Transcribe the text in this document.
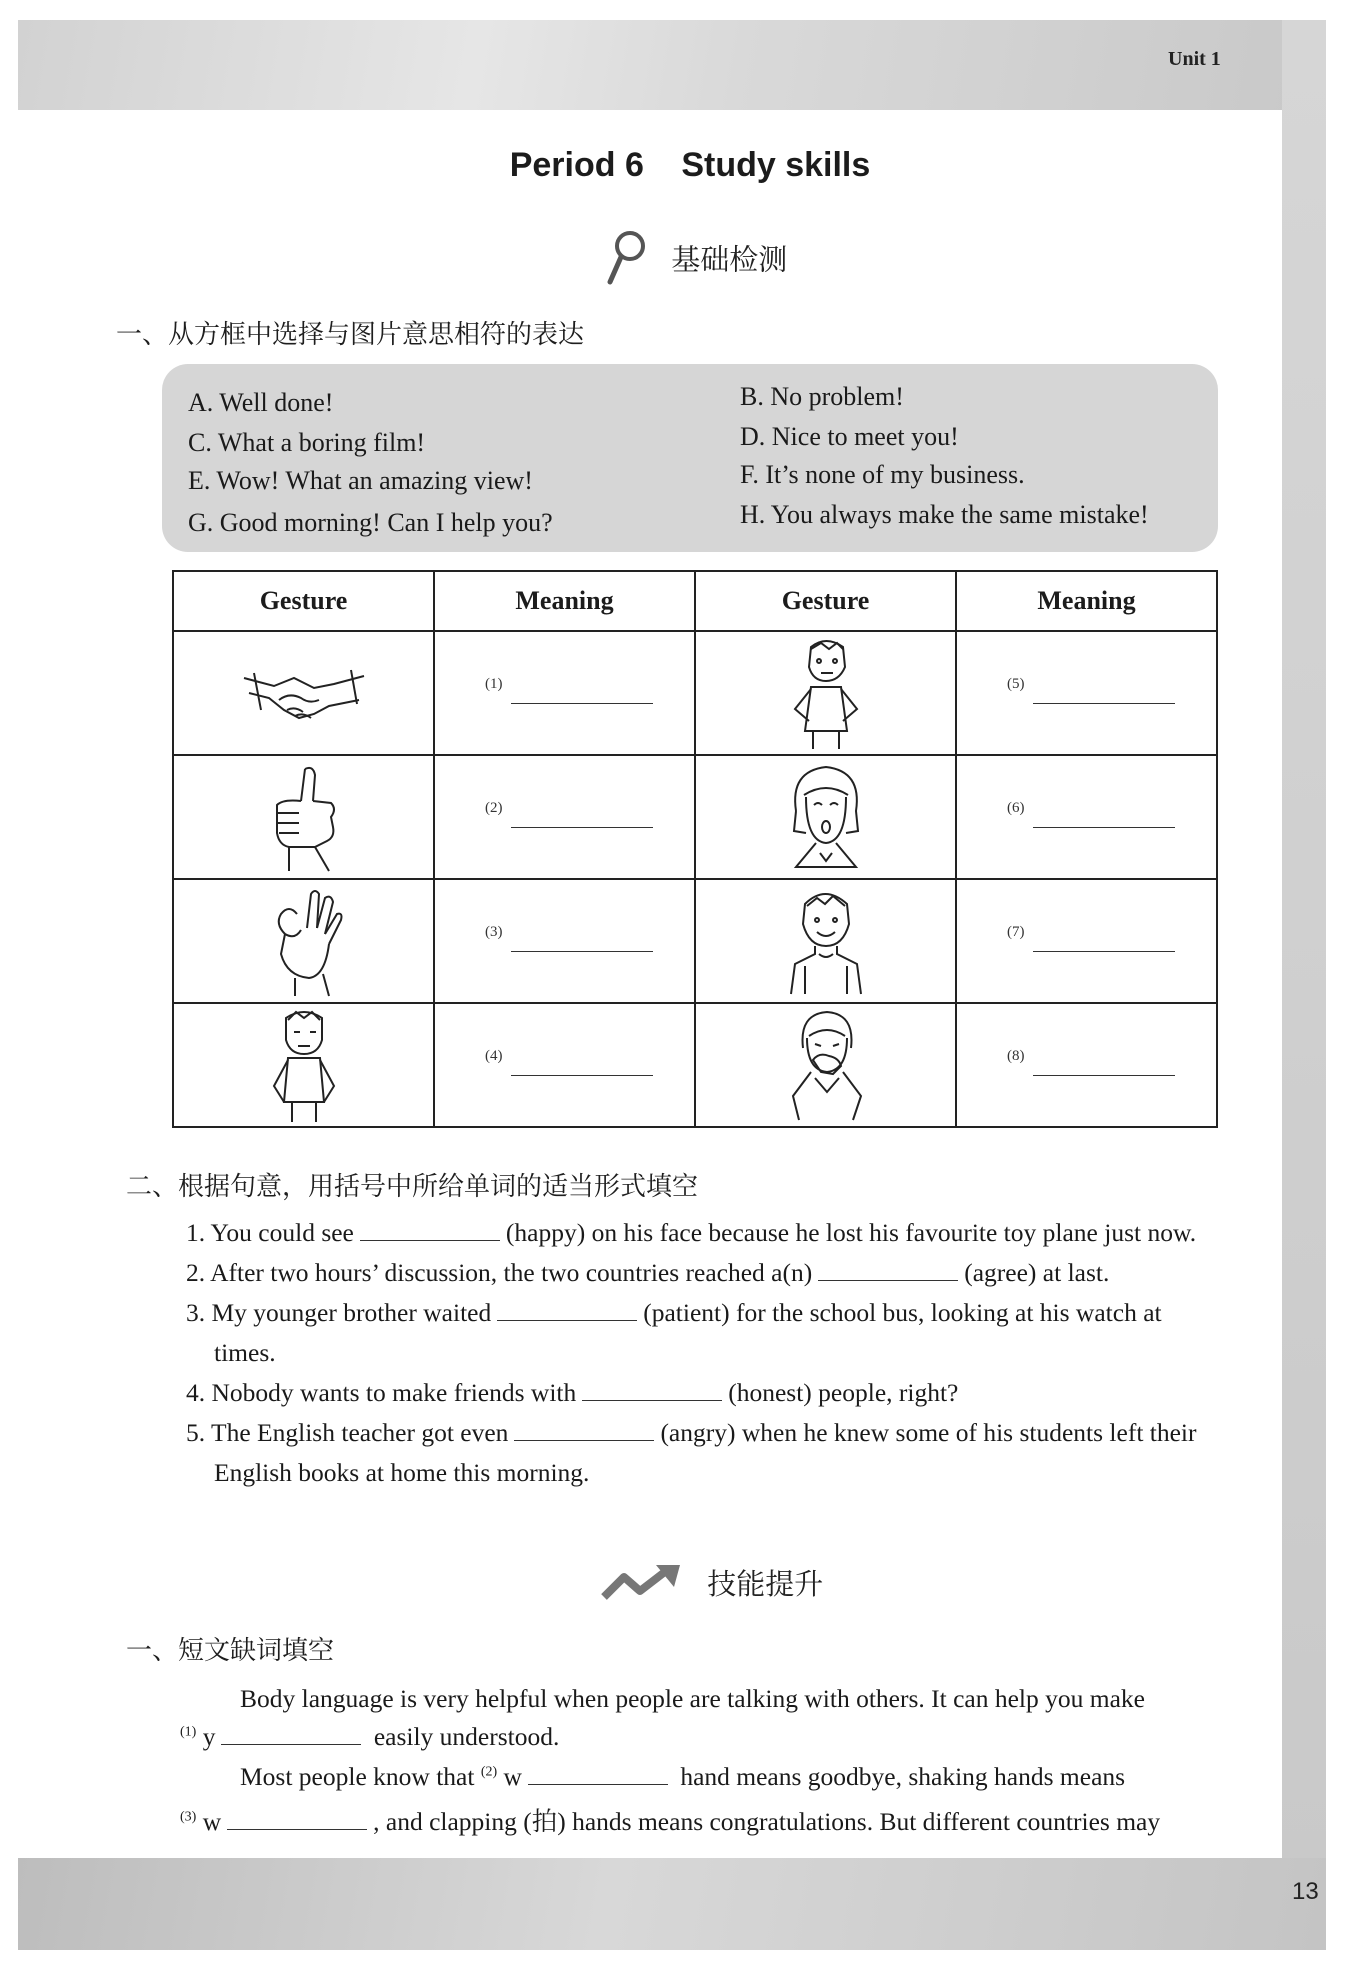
Unit 1
13
Period 6 Study skills
基础检测
一、从方框中选择与图片意思相符的表达
A. Well done!	B. No problem!
C. What a boring film!	D. Nice to meet you!
E. Wow! What an amazing view!	F. It’s none of my business.
G. Good morning! Can I help you?	H. You always make the same mistake!
Gesture	Meaning	Gesture	Meaning

(1)		(5)

(2)		(6)

(3)		(7)

(4)		(8)
二、根据句意，用括号中所给单词的适当形式填空
1. You could see	(happy) on his face because he lost his favourite toy plane just now.
2. After two hours’ discussion, the two countries reached a(n)	(agree) at last.
3. My younger brother waited	(patient) for the school bus, looking at his watch at
times.
4. Nobody wants to make friends with	(honest) people, right?
5. The English teacher got even	(angry) when he knew some of his students left their
English books at home this morning.
技能提升
一、短文缺词填空
Body language is very helpful when people are talking with others. It can help you make
$^{(1)}$ y	easily understood.
Most people know that $^{(2)}$ w	hand means goodbye, shaking hands means
$^{(3)}$ w	, and clapping (拍) hands means congratulations. But different countries may
